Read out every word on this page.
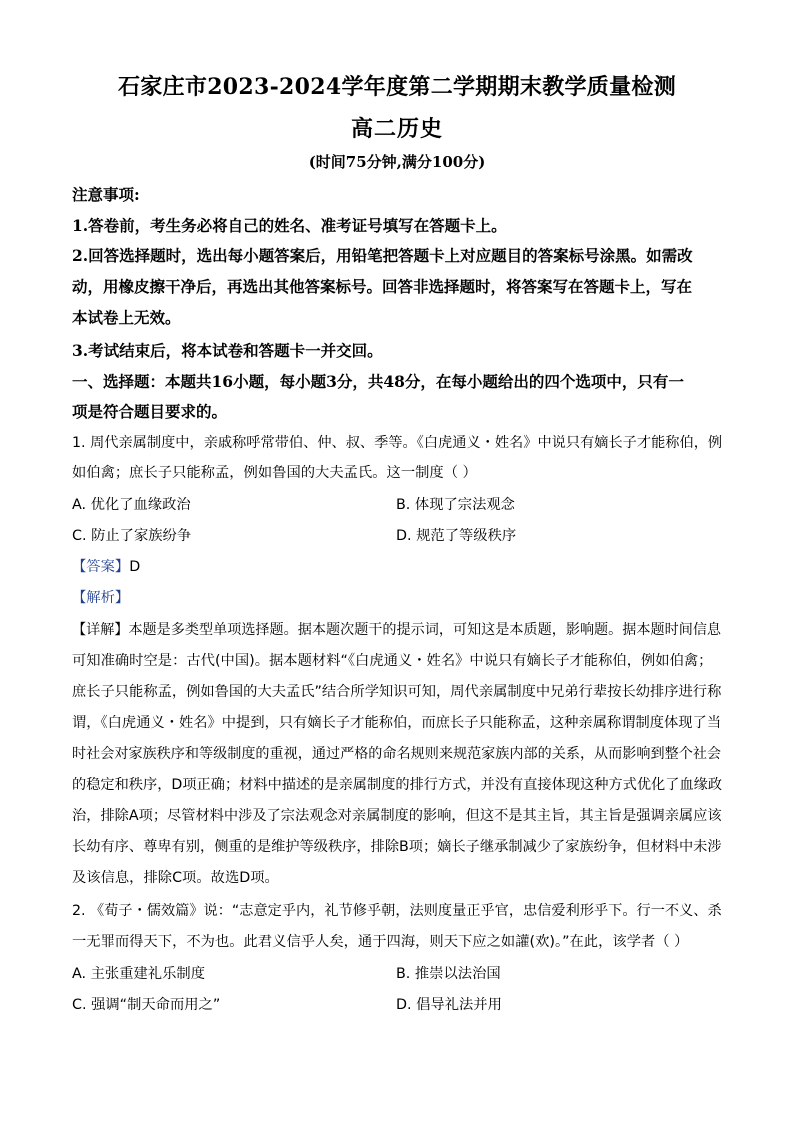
石家庄市2023-2024学年度第二学期期末教学质量检测
高二历史
(时间75分钟,满分100分)
注意事项:
1.答卷前，考生务必将自己的姓名、准考证号填写在答题卡上。
2.回答选择题时，选出每小题答案后，用铅笔把答题卡上对应题目的答案标号涂黑。如需改
动，用橡皮擦干净后，再选出其他答案标号。回答非选择题时，将答案写在答题卡上，写在
本试卷上无效。
3.考试结束后，将本试卷和答题卡一并交回。
一、选择题：本题共16小题，每小题3分，共48分，在每小题给出的四个选项中，只有一
项是符合题目要求的。
1. 周代亲属制度中，亲戚称呼常带伯、仲、叔、季等。《白虎通义・姓名》中说只有嫡长子才能称伯，例
如伯禽；庶长子只能称孟，例如鲁国的大夫孟氏。这一制度（ ）
A. 优化了血缘政治	B. 体现了宗法观念
C. 防止了家族纷争	D. 规范了等级秩序
【答案】D
【解析】
【详解】本题是多类型单项选择题。据本题次题干的提示词，可知这是本质题，影响题。据本题时间信息
可知准确时空是：古代(中国)。据本题材料“《白虎通义・姓名》中说只有嫡长子才能称伯，例如伯禽；
庶长子只能称孟，例如鲁国的大夫孟氏”结合所学知识可知，周代亲属制度中兄弟行辈按长幼排序进行称
谓，《白虎通义・姓名》中提到，只有嫡长子才能称伯，而庶长子只能称孟，这种亲属称谓制度体现了当
时社会对家族秩序和等级制度的重视，通过严格的命名规则来规范家族内部的关系，从而影响到整个社会
的稳定和秩序，D项正确；材料中描述的是亲属制度的排行方式，并没有直接体现这种方式优化了血缘政
治，排除A项；尽管材料中涉及了宗法观念对亲属制度的影响，但这不是其主旨，其主旨是强调亲属应该
长幼有序、尊卑有别，侧重的是维护等级秩序，排除B项；嫡长子继承制减少了家族纷争，但材料中未涉
及该信息，排除C项。故选D项。
2. 《荀子・儒效篇》说：“志意定乎内，礼节修乎朝，法则度量正乎官，忠信爱利形乎下。行一不义、杀
一无罪而得天下，不为也。此君义信乎人矣，通于四海，则天下应之如讙(欢)。”在此，该学者（ ）
A. 主张重建礼乐制度	B. 推崇以法治国
C. 强调“制天命而用之”	D. 倡导礼法并用
